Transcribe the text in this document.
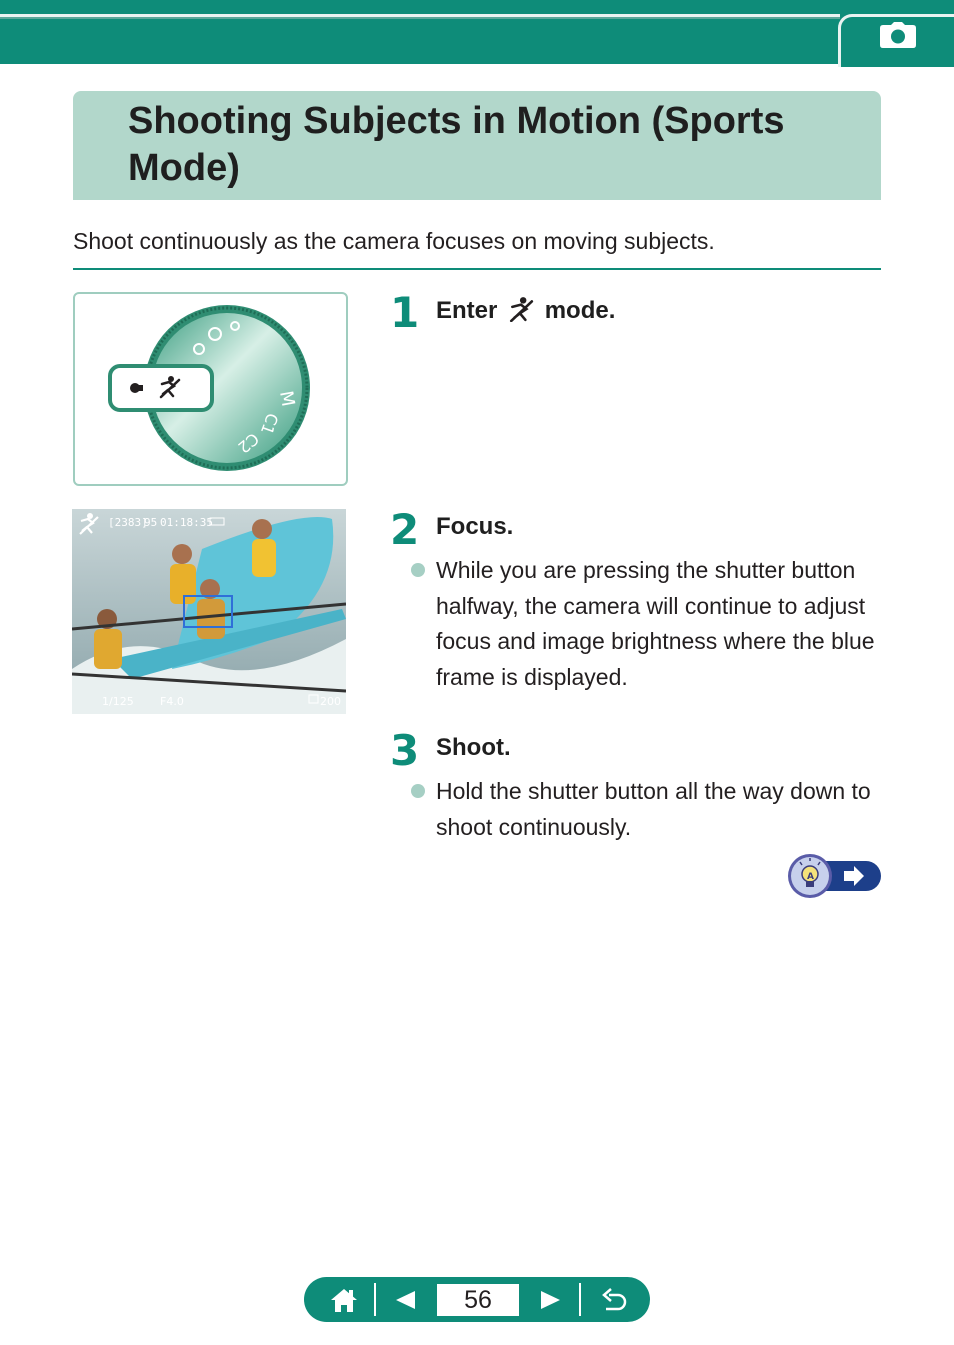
Shooting Subjects in Motion (Sports Mode)
Shoot continuously as the camera focuses on moving subjects.
M
C1
C2
[2383]
95 01:18:35
1/125 F4.0	200
1 Enter mode.
2 Focus.

While you are pressing the shutter button halfway, the camera will continue to adjust focus and image brightness where the blue frame is displayed.

3 Shoot.

Hold the shutter button all the way down to shoot continuously.

A
56
